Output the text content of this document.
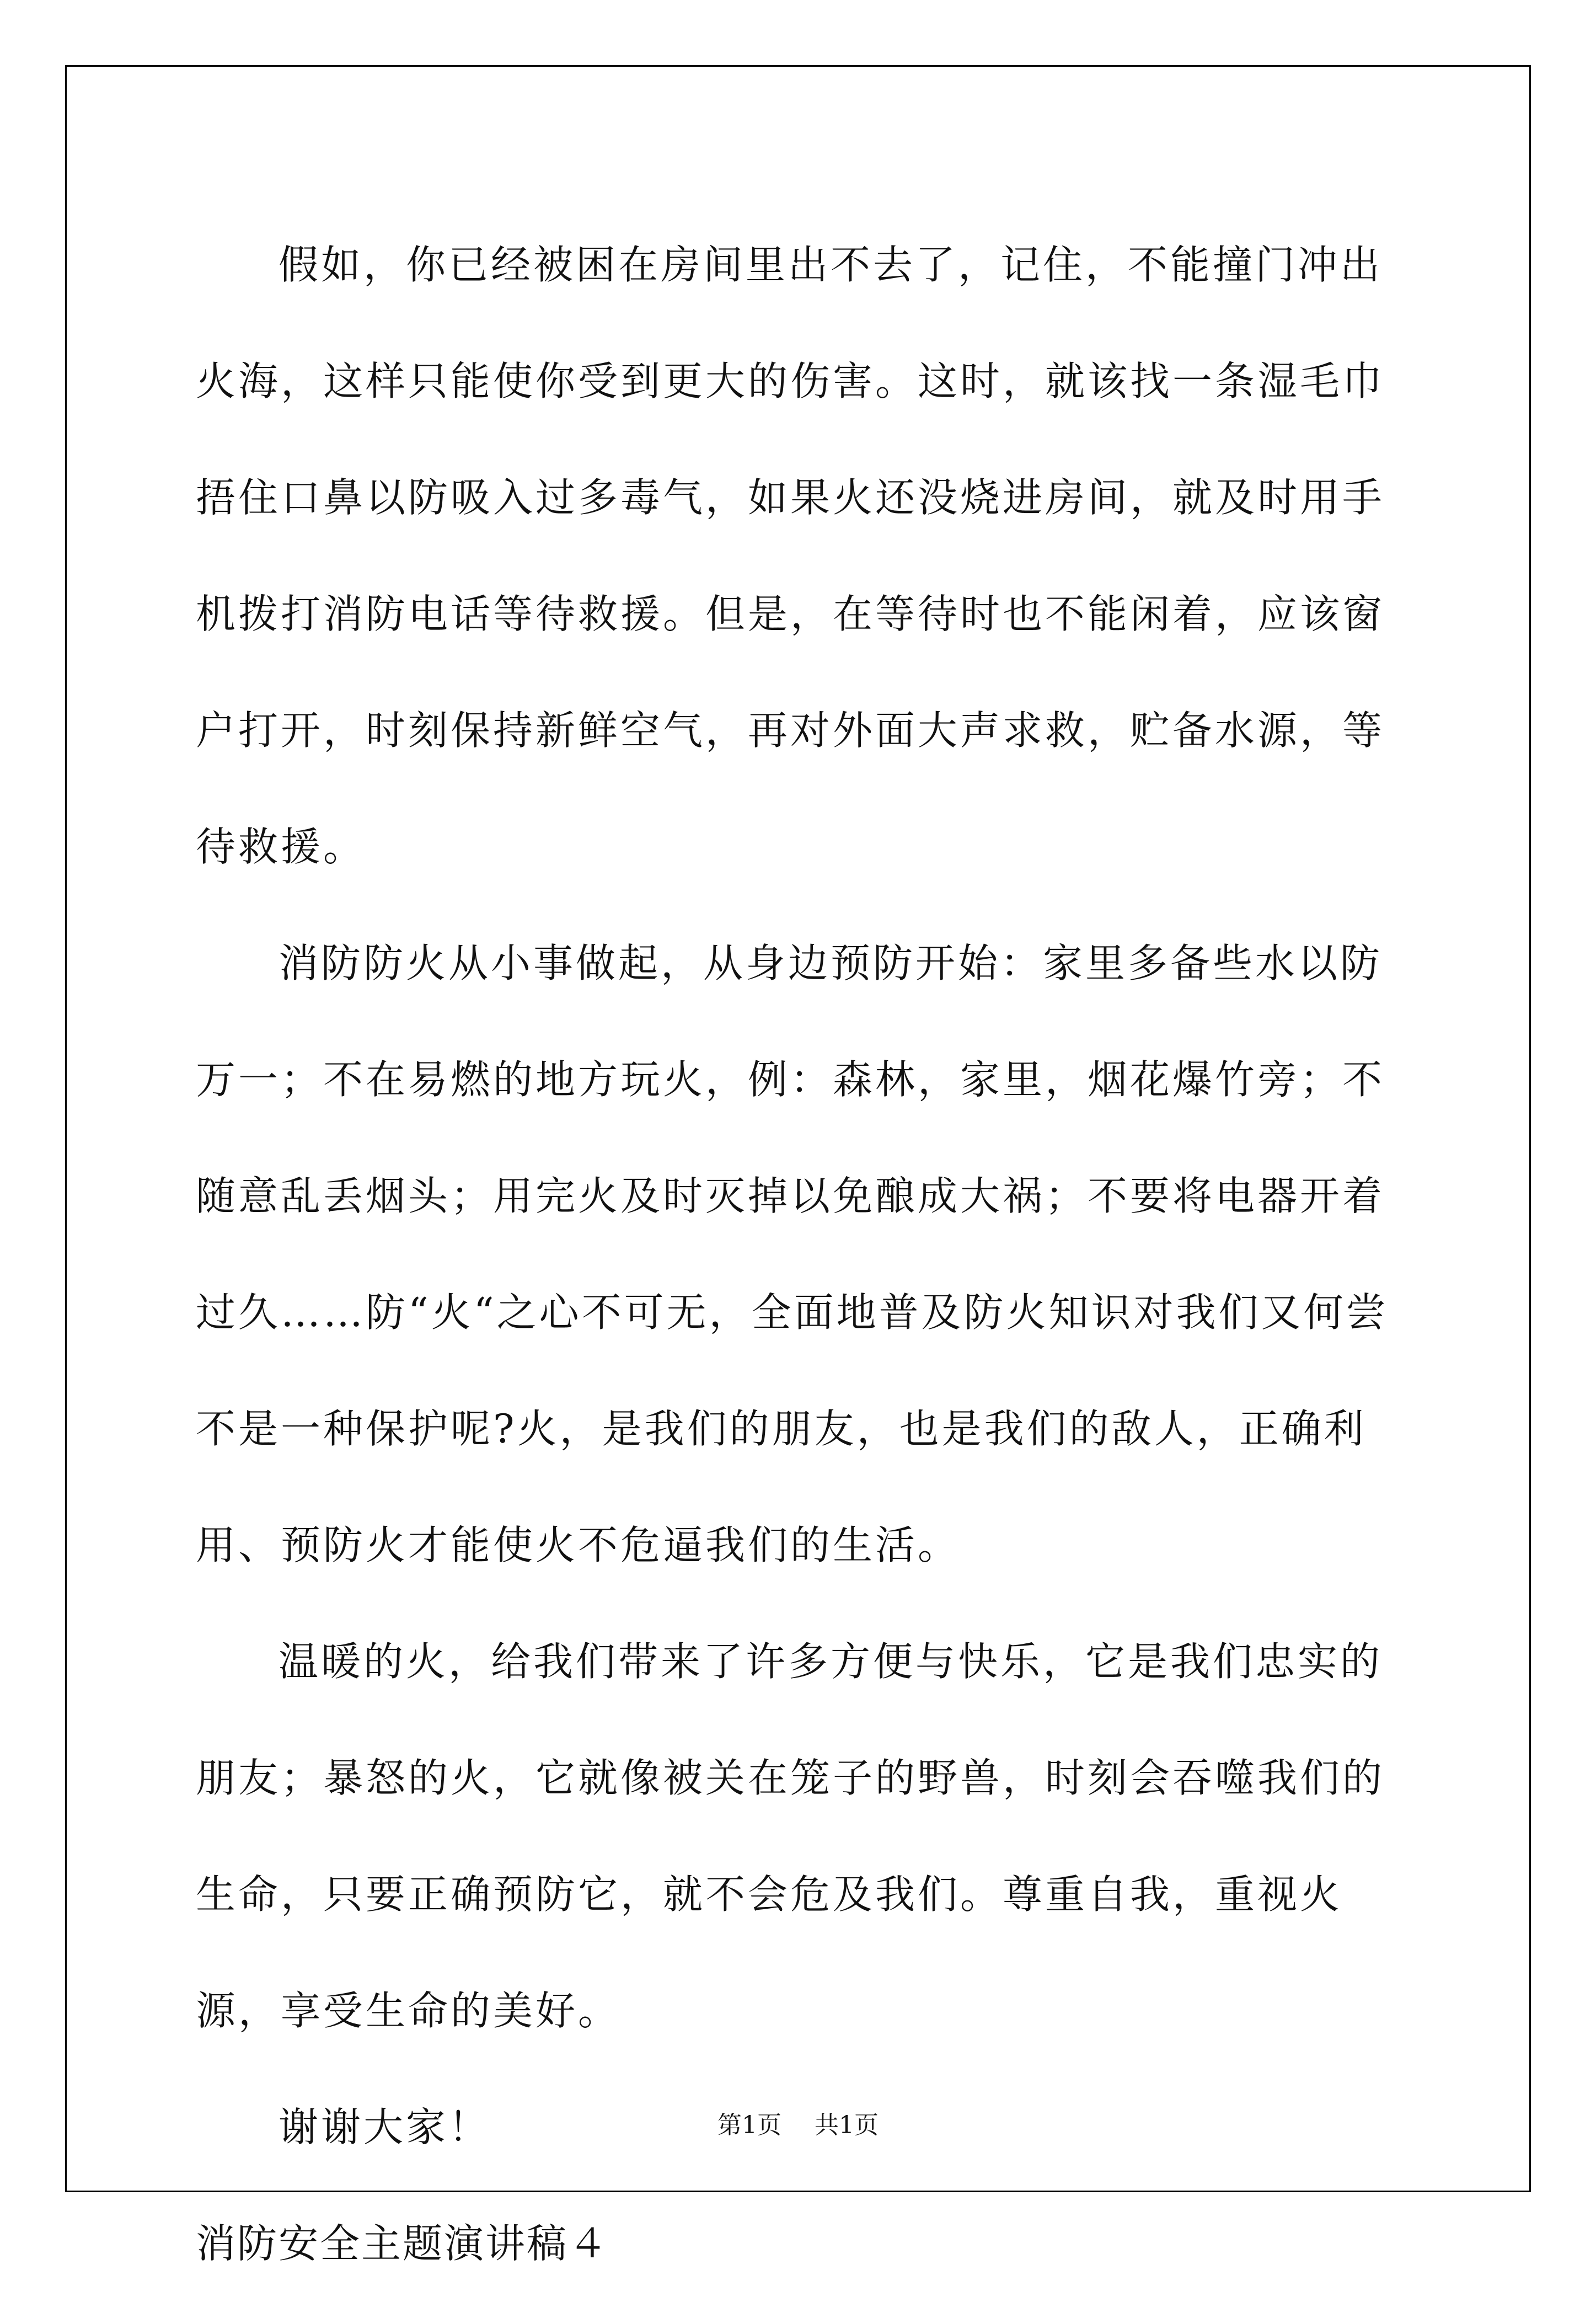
假如，你已经被困在房间里出不去了，记住，不能撞门冲出火海，这样只能使你受到更大的伤害。这时，就该找一条湿毛巾捂住口鼻以防吸入过多毒气，如果火还没烧进房间，就及时用手机拨打消防电话等待救援。但是，在等待时也不能闲着，应该窗户打开，时刻保持新鲜空气，再对外面大声求救，贮备水源，等待救援。

消防防火从小事做起，从身边预防开始：家里多备些水以防万一；不在易燃的地方玩火，例：森林，家里，烟花爆竹旁；不随意乱丢烟头；用完火及时灭掉以免酿成大祸；不要将电器开着过久……防“火“之心不可无，全面地普及防火知识对我们又何尝不是一种保护呢?火，是我们的朋友，也是我们的敌人，正确利用、预防火才能使火不危逼我们的生活。

温暖的火，给我们带来了许多方便与快乐，它是我们忠实的朋友；暴怒的火，它就像被关在笼子的野兽，时刻会吞噬我们的生命，只要正确预防它，就不会危及我们。尊重自我，重视火源，享受生命的美好。

谢谢大家！

消防安全主题演讲稿４

第1页 共1页
